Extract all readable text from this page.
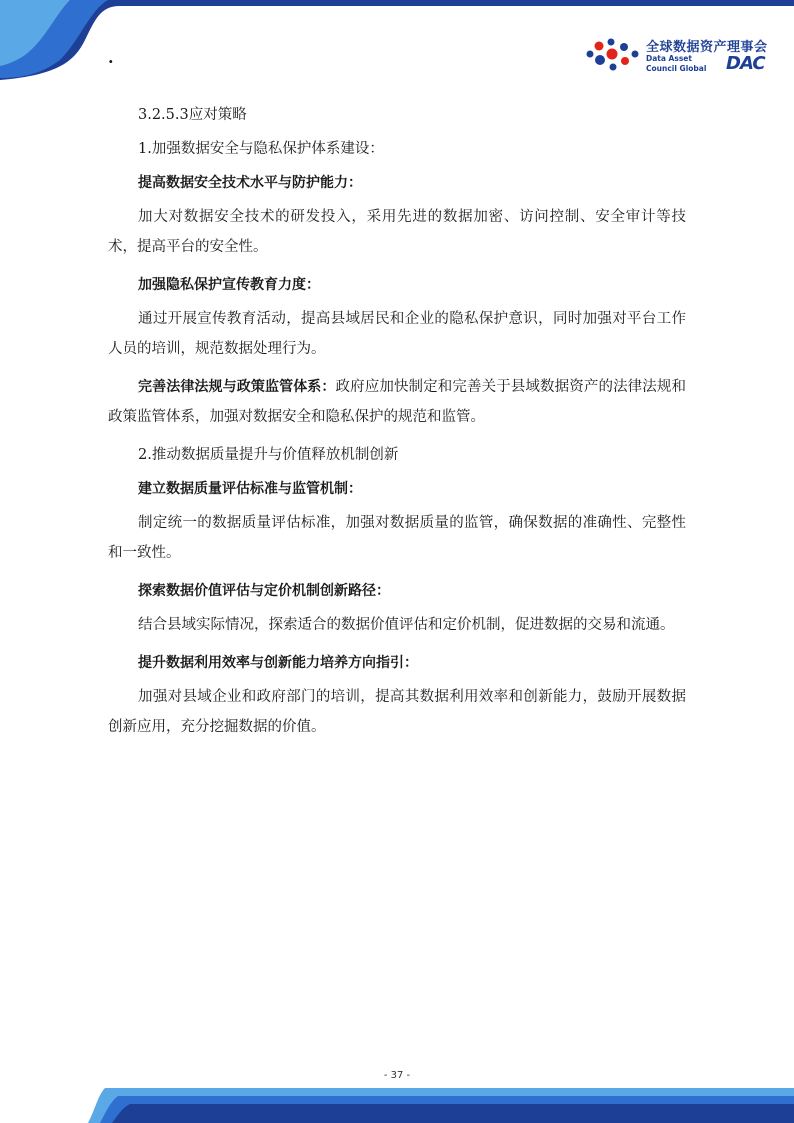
·
全球数据资产理事会
Data Asset
Council Global DAC

3.2.5.3应对策略

1.加强数据安全与隐私保护体系建设：

提高数据安全技术水平与防护能力：

加大对数据安全技术的研发投入，采用先进的数据加密、访问控制、安全审计等技术，提高平台的安全性。

加强隐私保护宣传教育力度：

通过开展宣传教育活动，提高县域居民和企业的隐私保护意识，同时加强对平台工作人员的培训，规范数据处理行为。

完善法律法规与政策监管体系：政府应加快制定和完善关于县域数据资产的法律法规和政策监管体系，加强对数据安全和隐私保护的规范和监管。

2.推动数据质量提升与价值释放机制创新

建立数据质量评估标准与监管机制：

制定统一的数据质量评估标准，加强对数据质量的监管，确保数据的准确性、完整性和一致性。

探索数据价值评估与定价机制创新路径：

结合县域实际情况，探索适合的数据价值评估和定价机制，促进数据的交易和流通。

提升数据利用效率与创新能力培养方向指引：

加强对县域企业和政府部门的培训，提高其数据利用效率和创新能力，鼓励开展数据创新应用，充分挖掘数据的价值。

- 37 -
